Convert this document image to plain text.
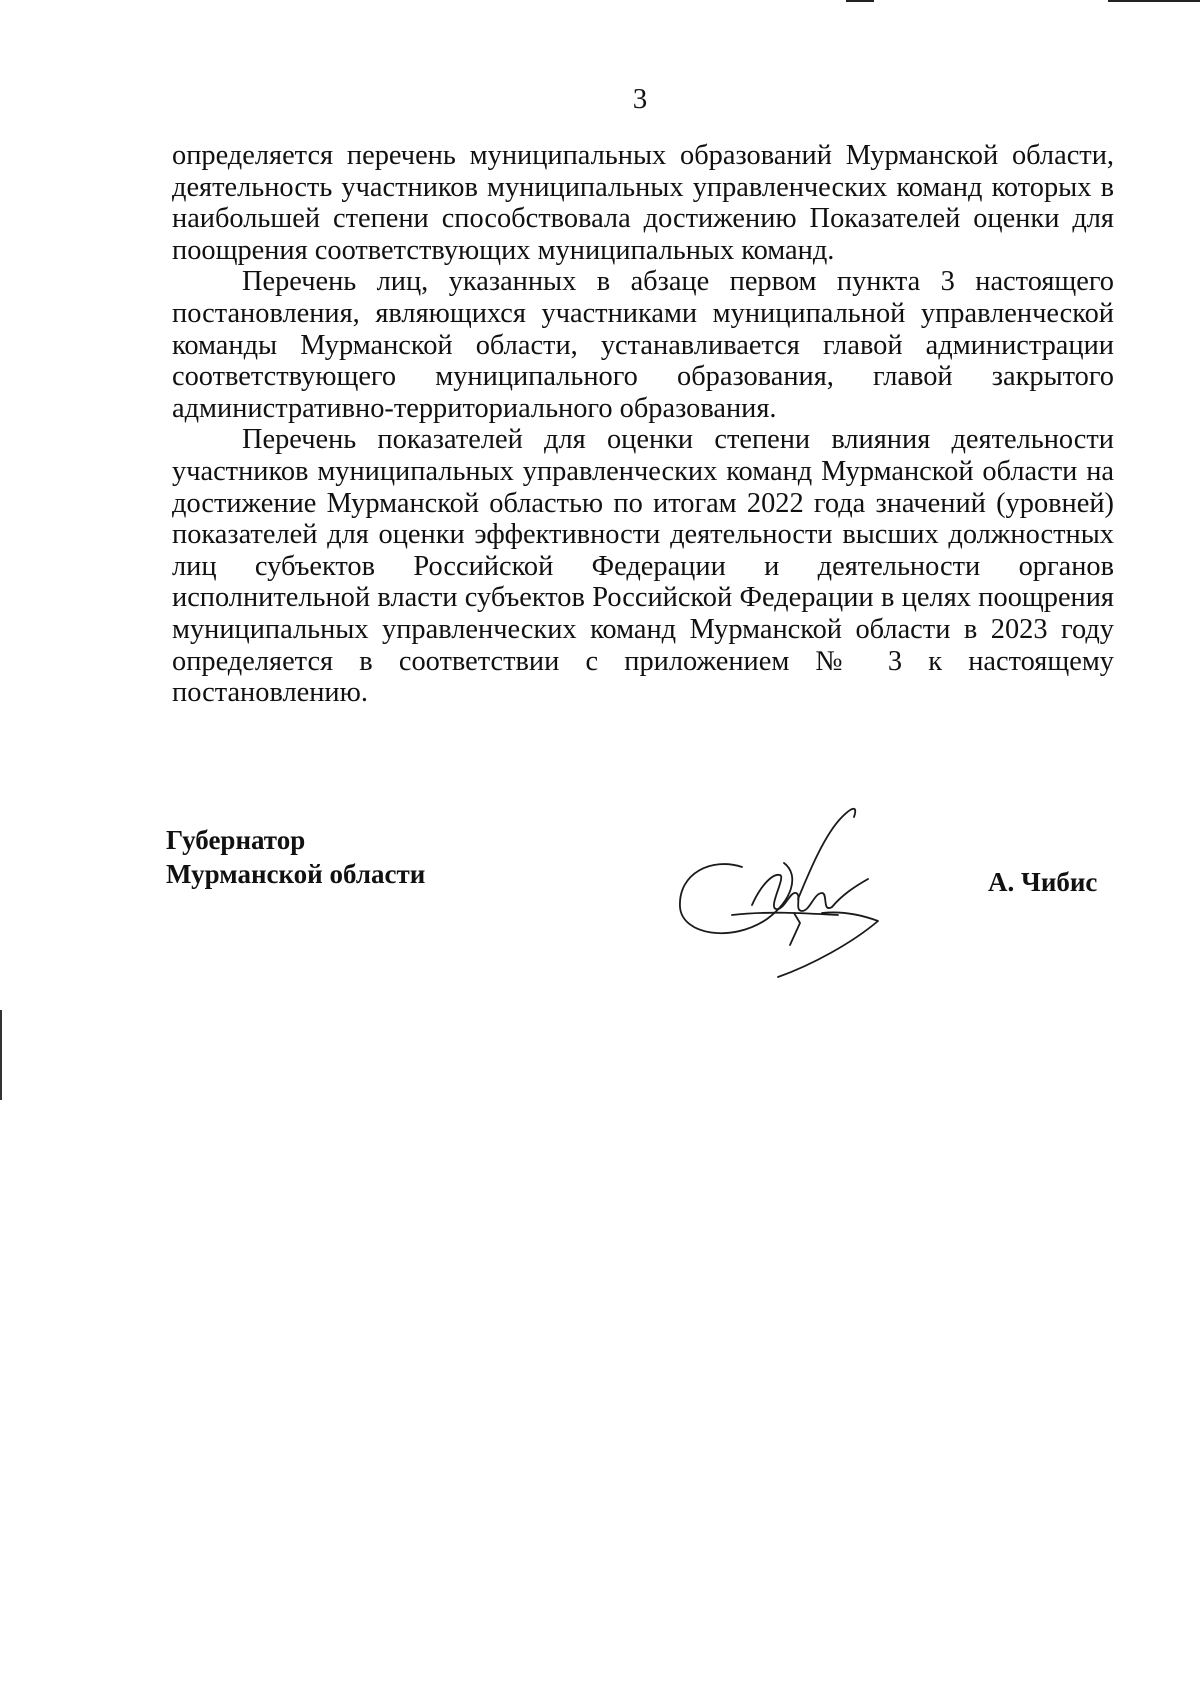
3

определяется перечень муниципальных образований Мурманской области, деятельность участников муниципальных управленческих команд которых в наибольшей степени способствовала достижению Показателей оценки для поощрения соответствующих муниципальных команд.

Перечень лиц, указанных в абзаце первом пункта 3 настоящего постановления, являющихся участниками муниципальной управленческой команды Мурманской области, устанавливается главой администрации соответствующего муниципального образования, главой закрытого административно-территориального образования.

Перечень показателей для оценки степени влияния деятельности участников муниципальных управленческих команд Мурманской области на достижение Мурманской областью по итогам 2022 года значений (уровней) показателей для оценки эффективности деятельности высших должностных лиц субъектов Российской Федерации и деятельности органов исполнительной власти субъектов Российской Федерации в целях поощрения муниципальных управленческих команд Мурманской области в 2023 году определяется в соответствии с приложением № 3 к настоящему постановлению.

Губернатор
Мурманской области	А. Чибис
